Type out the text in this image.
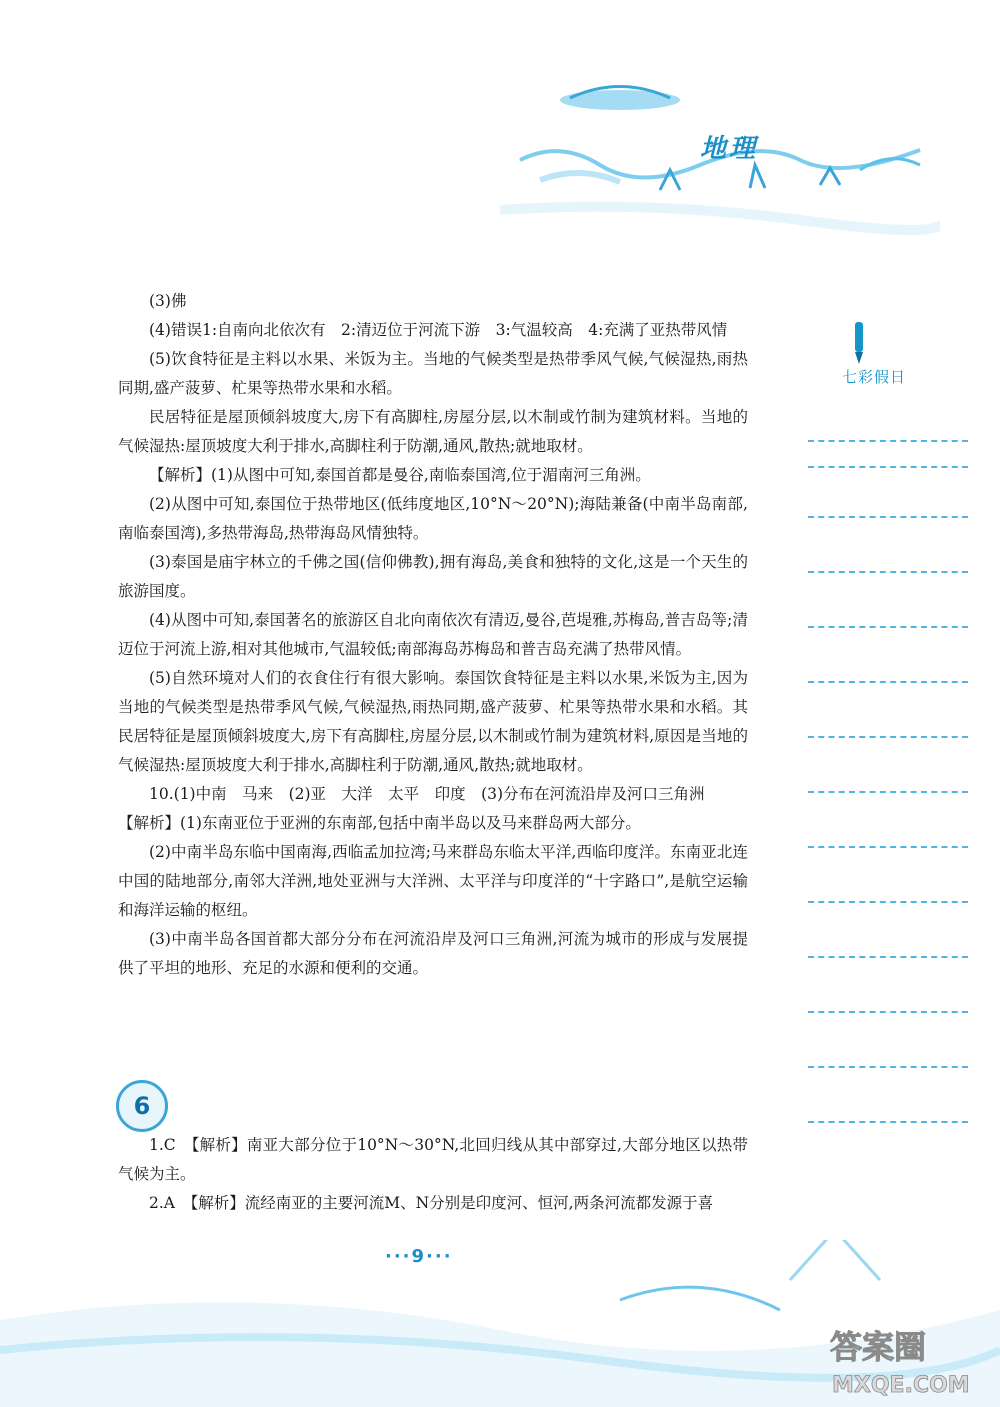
地理
七彩假日

(3)佛

(4)错误1:自南向北依次有　2:清迈位于河流下游　3:气温较高　4:充满了亚热带风情

(5)饮食特征是主料以水果、米饭为主。当地的气候类型是热带季风气候,气候湿热,雨热同期,盛产菠萝、杧果等热带水果和水稻。

民居特征是屋顶倾斜坡度大,房下有高脚柱,房屋分层,以木制或竹制为建筑材料。当地的气候湿热:屋顶坡度大利于排水,高脚柱利于防潮,通风,散热;就地取材。

【解析】(1)从图中可知,泰国首都是曼谷,南临泰国湾,位于湄南河三角洲。

(2)从图中可知,泰国位于热带地区(低纬度地区,10°N～20°N);海陆兼备(中南半岛南部,南临泰国湾),多热带海岛,热带海岛风情独特。

(3)泰国是庙宇林立的千佛之国(信仰佛教),拥有海岛,美食和独特的文化,这是一个天生的旅游国度。

(4)从图中可知,泰国著名的旅游区自北向南依次有清迈,曼谷,芭堤雅,苏梅岛,普吉岛等;清迈位于河流上游,相对其他城市,气温较低;南部海岛苏梅岛和普吉岛充满了热带风情。

(5)自然环境对人们的衣食住行有很大影响。泰国饮食特征是主料以水果,米饭为主,因为当地的气候类型是热带季风气候,气候湿热,雨热同期,盛产菠萝、杧果等热带水果和水稻。其民居特征是屋顶倾斜坡度大,房下有高脚柱,房屋分层,以木制或竹制为建筑材料,原因是当地的气候湿热:屋顶坡度大利于排水,高脚柱利于防潮,通风,散热;就地取材。

10.(1)中南　马来　(2)亚　大洋　太平　印度　(3)分布在河流沿岸及河口三角洲

【解析】(1)东南亚位于亚洲的东南部,包括中南半岛以及马来群岛两大部分。

(2)中南半岛东临中国南海,西临孟加拉湾;马来群岛东临太平洋,西临印度洋。东南亚北连中国的陆地部分,南邻大洋洲,地处亚洲与大洋洲、太平洋与印度洋的“十字路口”,是航空运输和海洋运输的枢纽。

(3)中南半岛各国首都大部分分布在河流沿岸及河口三角洲,河流为城市的形成与发展提供了平坦的地形、充足的水源和便利的交通。

6

1.C　【解析】南亚大部分位于10°N～30°N,北回归线从其中部穿过,大部分地区以热带气候为主。

2.A　【解析】流经南亚的主要河流M、N分别是印度河、恒河,两条河流都发源于喜

···9···
答案圈
MXQE.COM
